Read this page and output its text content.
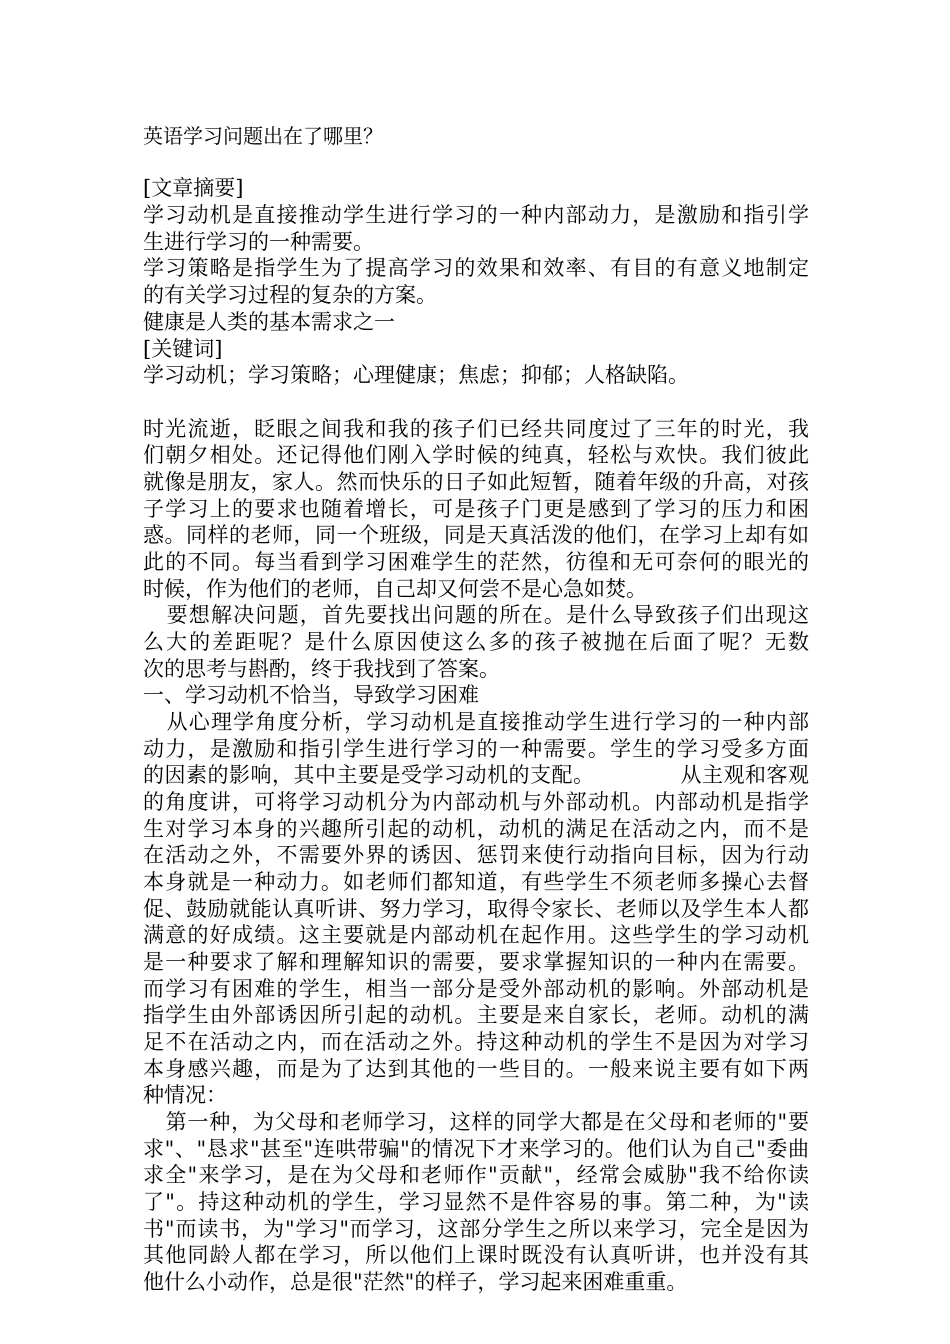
英语学习问题出在了哪里？
[文章摘要]
学习动机是直接推动学生进行学习的一种内部动力，是激励和指引学
生进行学习的一种需要。
学习策略是指学生为了提高学习的效果和效率、有目的有意义地制定
的有关学习过程的复杂的方案。
健康是人类的基本需求之一
[关键词]
学习动机；学习策略；心理健康；焦虑；抑郁；人格缺陷。
时光流逝，眨眼之间我和我的孩子们已经共同度过了三年的时光，我
们朝夕相处。还记得他们刚入学时候的纯真，轻松与欢快。我们彼此
就像是朋友，家人。然而快乐的日子如此短暂，随着年级的升高，对孩
子学习上的要求也随着增长，可是孩子门更是感到了学习的压力和困
惑。同样的老师，同一个班级，同是天真活泼的他们，在学习上却有如
此的不同。每当看到学习困难学生的茫然，彷徨和无可奈何的眼光的
时候，作为他们的老师，自己却又何尝不是心急如焚。
要想解决问题，首先要找出问题的所在。是什么导致孩子们出现这
么大的差距呢？是什么原因使这么多的孩子被抛在后面了呢？无数
次的思考与斟酌，终于我找到了答案。
一、学习动机不恰当，导致学习困难
从心理学角度分析，学习动机是直接推动学生进行学习的一种内部
动力，是激励和指引学生进行学习的一种需要。学生的学习受多方面
的因素的影响，其中主要是受学习动机的支配。            从主观和客观
的角度讲，可将学习动机分为内部动机与外部动机。内部动机是指学
生对学习本身的兴趣所引起的动机，动机的满足在活动之内，而不是
在活动之外，不需要外界的诱因、惩罚来使行动指向目标，因为行动
本身就是一种动力。如老师们都知道，有些学生不须老师多操心去督
促、鼓励就能认真听讲、努力学习，取得令家长、老师以及学生本人都
满意的好成绩。这主要就是内部动机在起作用。这些学生的学习动机
是一种要求了解和理解知识的需要，要求掌握知识的一种内在需要。
而学习有困难的学生，相当一部分是受外部动机的影响。外部动机是
指学生由外部诱因所引起的动机。主要是来自家长，老师。动机的满
足不在活动之内，而在活动之外。持这种动机的学生不是因为对学习
本身感兴趣，而是为了达到其他的一些目的。一般来说主要有如下两
种情况：
第一种，为父母和老师学习，这样的同学大都是在父母和老师的"要
求"、"恳求"甚至"连哄带骗"的情况下才来学习的。他们认为自己"委曲
求全"来学习，是在为父母和老师作"贡献"，经常会威胁"我不给你读
了"。持这种动机的学生，学习显然不是件容易的事。第二种，为"读
书"而读书，为"学习"而学习，这部分学生之所以来学习，完全是因为
其他同龄人都在学习，所以他们上课时既没有认真听讲，也并没有其
他什么小动作，总是很"茫然"的样子，学习起来困难重重。
